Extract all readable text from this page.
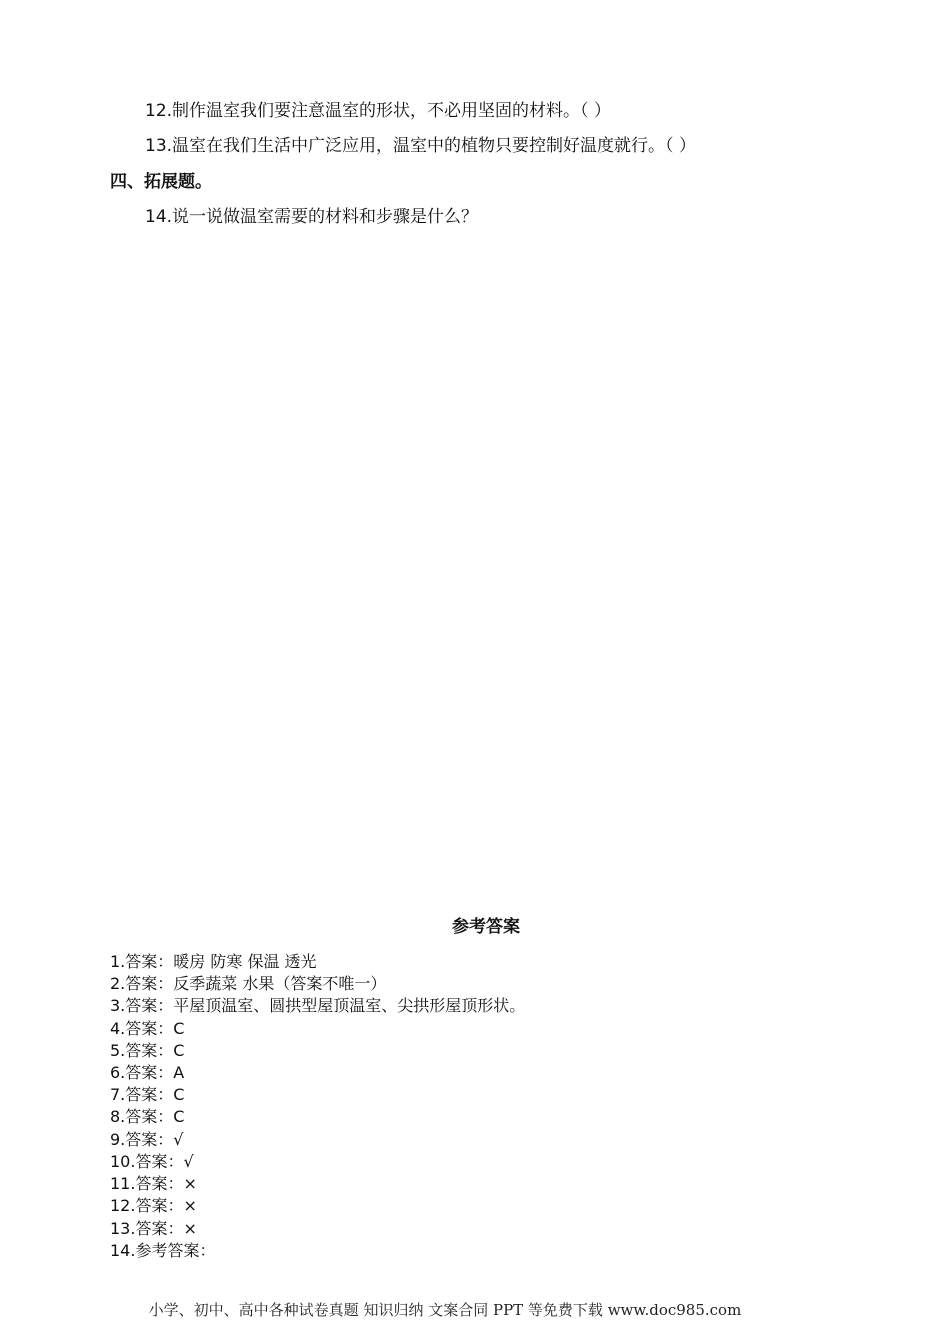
12.制作温室我们要注意温室的形状，不必用坚固的材料。（ ）
13.温室在我们生活中广泛应用，温室中的植物只要控制好温度就行。（ ）
四、拓展题。
14.说一说做温室需要的材料和步骤是什么？
参考答案
1.答案：暖房 防寒 保温 透光
2.答案：反季蔬菜 水果（答案不唯一）
3.答案：平屋顶温室、圆拱型屋顶温室、尖拱形屋顶形状。
4.答案：C
5.答案：C
6.答案：A
7.答案：C
8.答案：C
9.答案：√
10.答案：√
11.答案：×
12.答案：×
13.答案：×
14.参考答案：
小学、初中、高中各种试卷真题 知识归纳 文案合同 PPT 等免费下载 www.doc985.com
